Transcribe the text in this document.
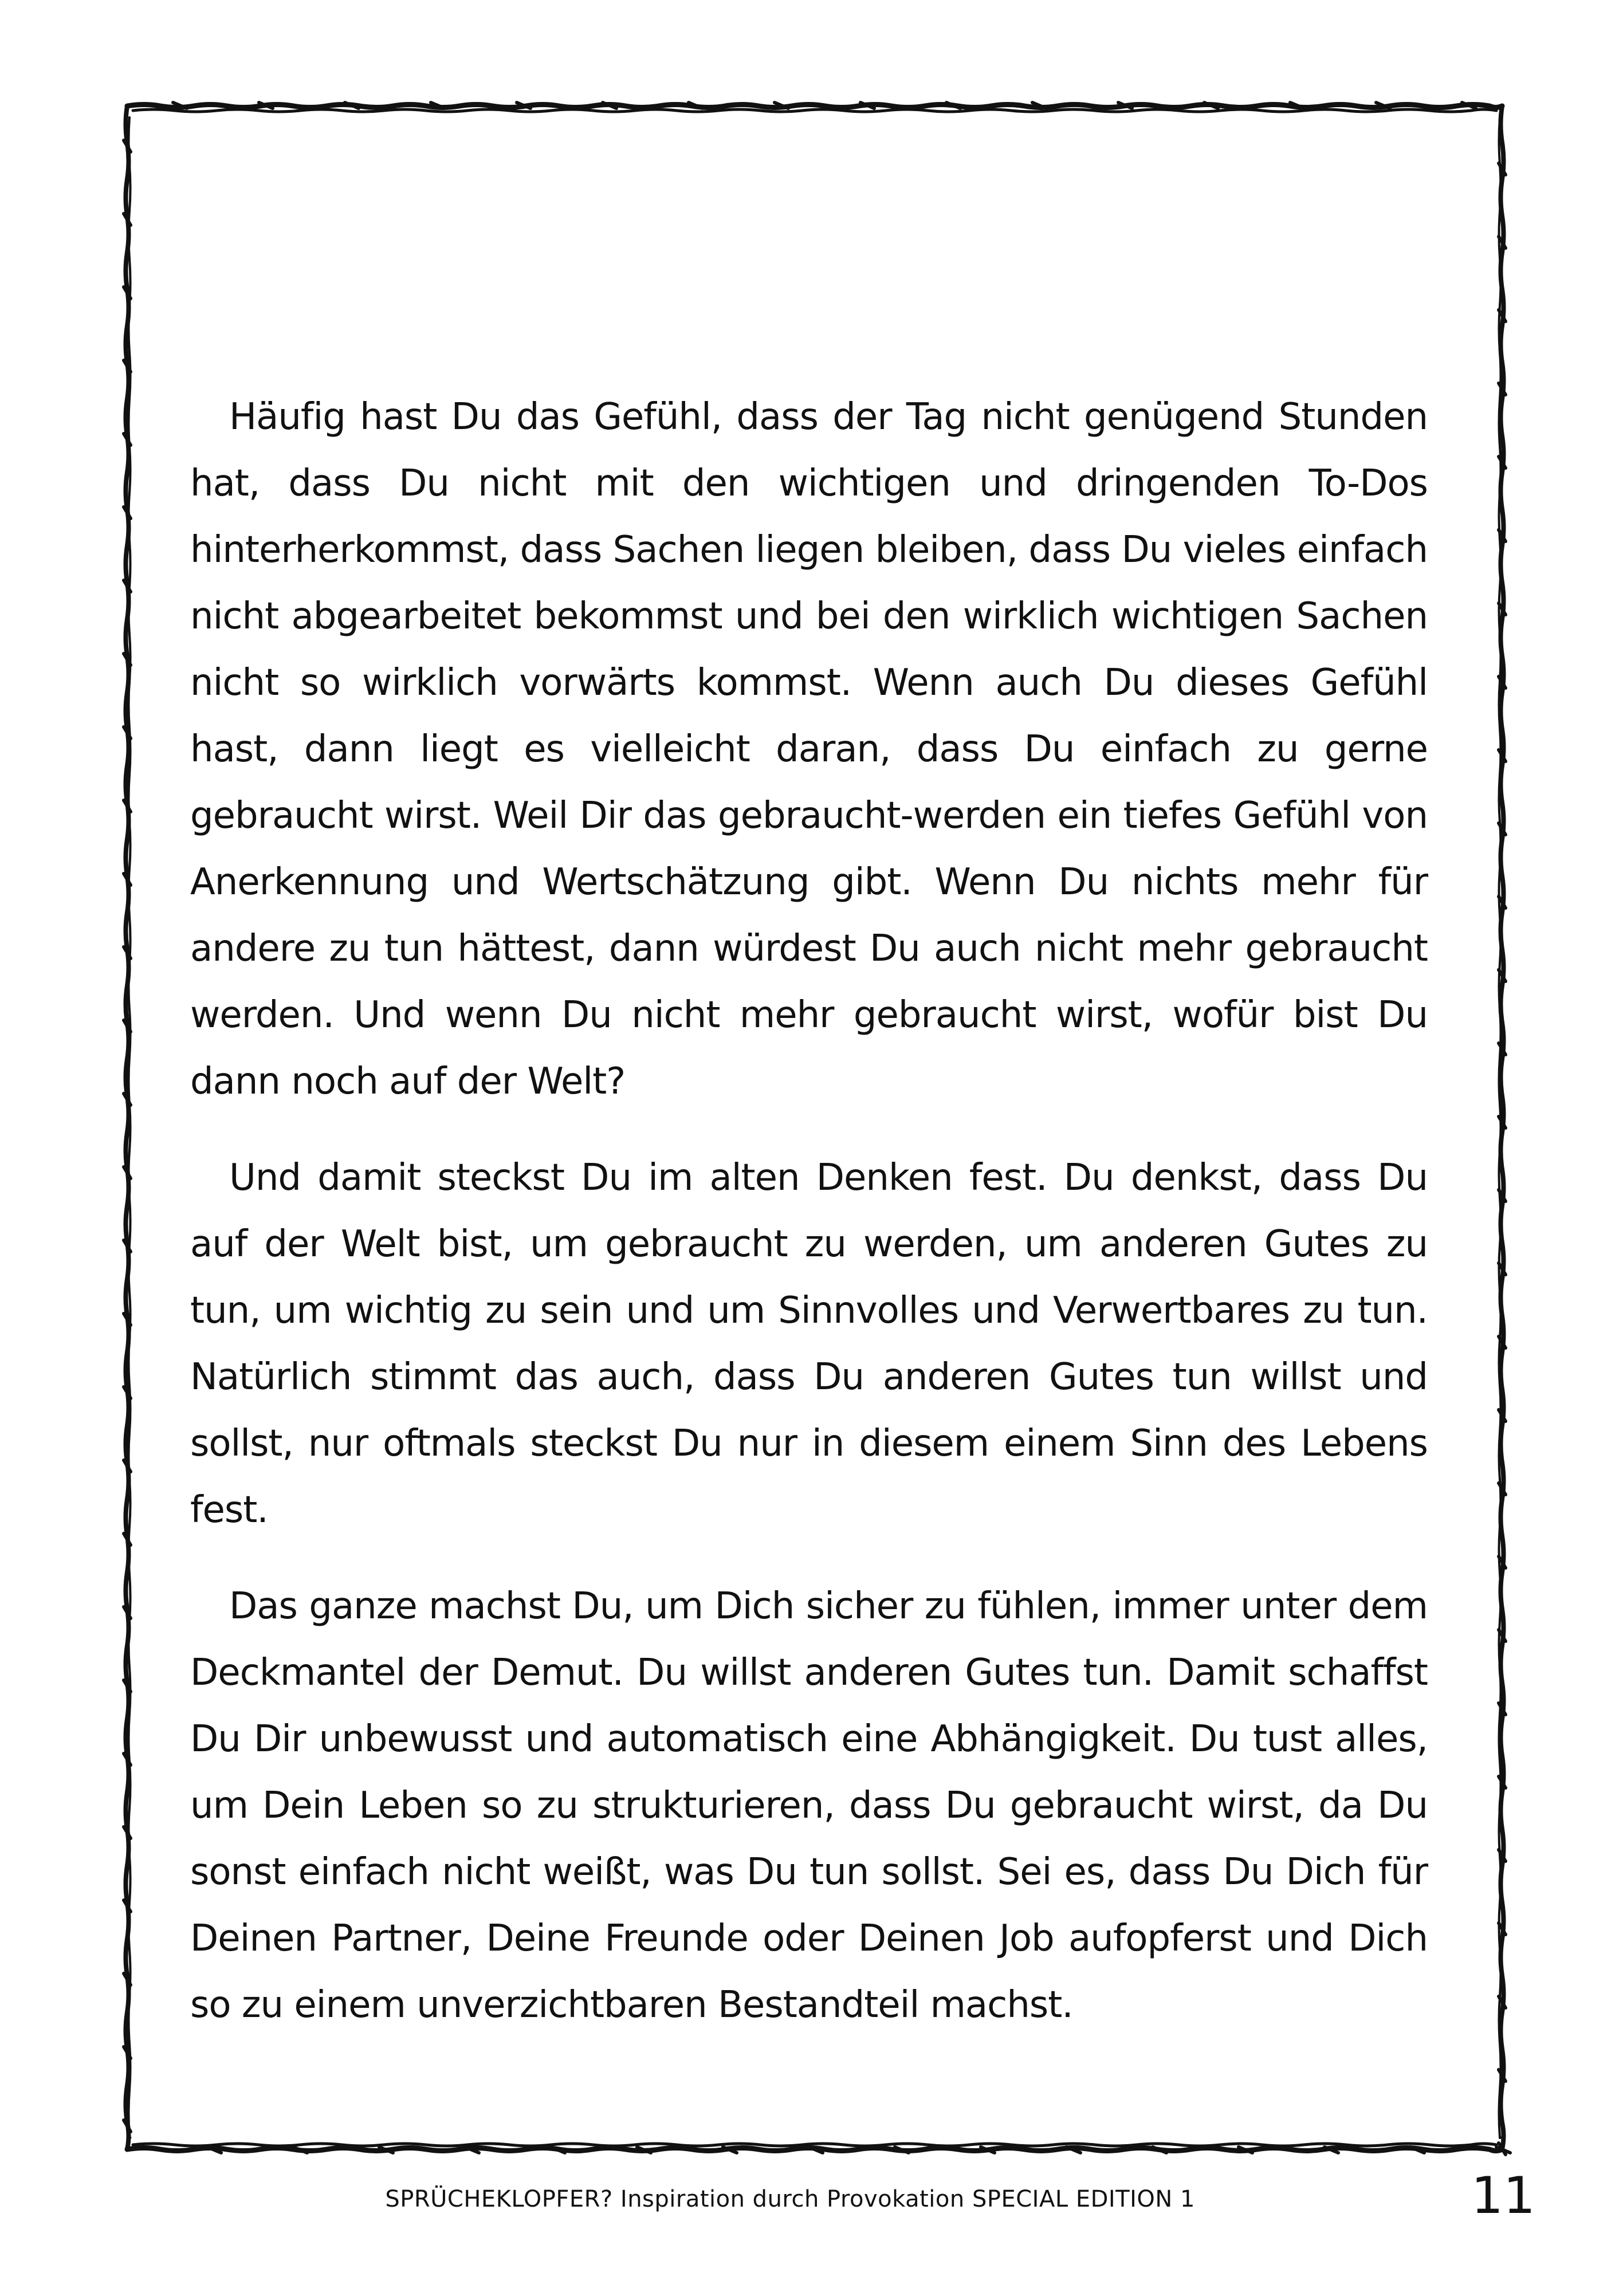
Häufig hast Du das Gefühl, dass der Tag nicht genügend Stunden hat, dass Du nicht mit den wichtigen und dringenden To-Dos hinterherkommst, dass Sachen liegen bleiben, dass Du vieles einfach nicht abgearbeitet bekommst und bei den wirklich wichtigen Sachen nicht so wirklich vorwärts kommst. Wenn auch Du dieses Gefühl hast, dann liegt es vielleicht daran, dass Du einfach zu gerne gebraucht wirst. Weil Dir das gebraucht-werden ein tiefes Gefühl von Anerkennung und Wertschätzung gibt. Wenn Du nichts mehr für andere zu tun hättest, dann würdest Du auch nicht mehr gebraucht werden. Und wenn Du nicht mehr gebraucht wirst, wofür bist Du dann noch auf der Welt?

Und damit steckst Du im alten Denken fest. Du denkst, dass Du auf der Welt bist, um gebraucht zu werden, um anderen Gutes zu tun, um wichtig zu sein und um Sinnvolles und Verwertbares zu tun. Natürlich stimmt das auch, dass Du anderen Gutes tun willst und sollst, nur oftmals steckst Du nur in diesem einem Sinn des Lebens fest.

Das ganze machst Du, um Dich sicher zu fühlen, immer unter dem Deckmantel der Demut. Du willst anderen Gutes tun. Damit schaffst Du Dir unbewusst und automatisch eine Abhängigkeit. Du tust alles, um Dein Leben so zu strukturieren, dass Du gebraucht wirst, da Du sonst einfach nicht weißt, was Du tun sollst. Sei es, dass Du Dich für Deinen Partner, Deine Freunde oder Deinen Job aufopferst und Dich so zu einem unverzichtbaren Bestandteil machst.

SPRÜCHEKLOPFER? Inspiration durch Provokation SPECIAL EDITION 1	11
